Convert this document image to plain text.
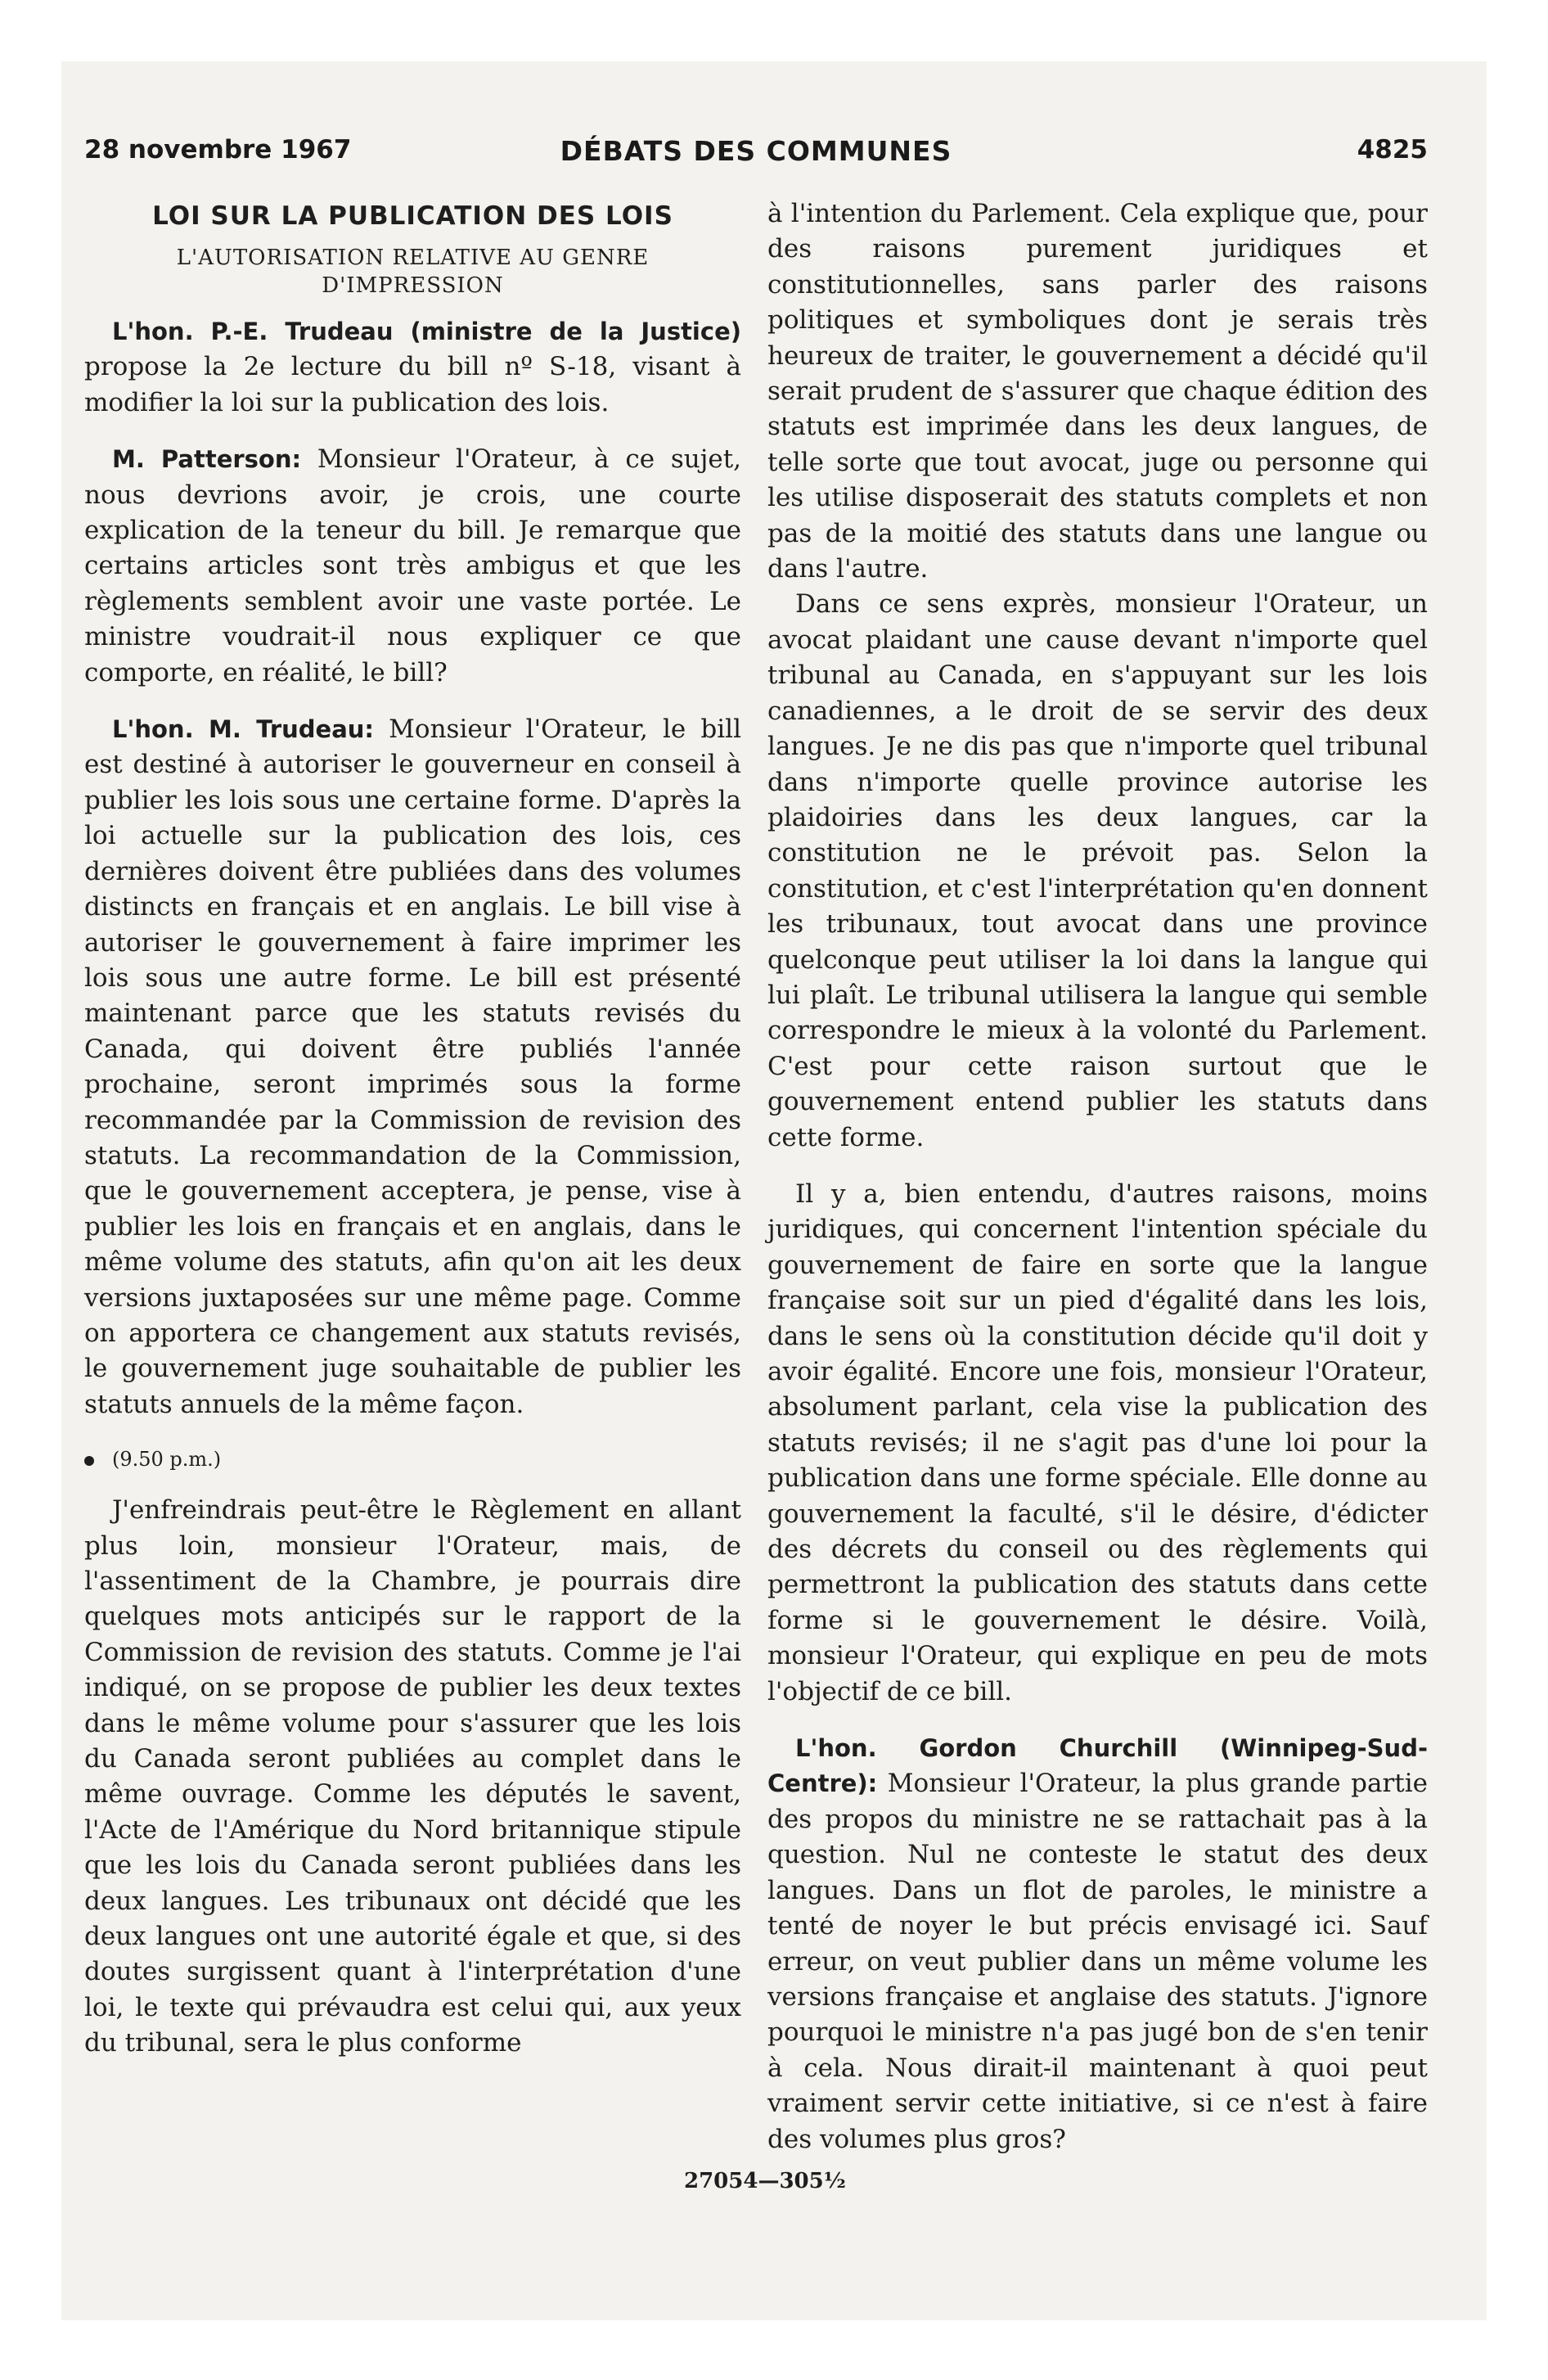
28 novembre 1967	DÉBATS DES COMMUNES	4825
LOI SUR LA PUBLICATION DES LOIS
L'AUTORISATION RELATIVE AU GENRE D'IMPRESSION

L'hon. P.-E. Trudeau (ministre de la Justice) propose la 2e lecture du bill nº S-18, visant à modifier la loi sur la publication des lois.

M. Patterson: Monsieur l'Orateur, à ce sujet, nous devrions avoir, je crois, une courte explication de la teneur du bill. Je remarque que certains articles sont très ambigus et que les règlements semblent avoir une vaste portée. Le ministre voudrait-il nous expliquer ce que comporte, en réalité, le bill?

L'hon. M. Trudeau: Monsieur l'Orateur, le bill est destiné à autoriser le gouverneur en conseil à publier les lois sous une certaine forme. D'après la loi actuelle sur la publication des lois, ces dernières doivent être publiées dans des volumes distincts en français et en anglais. Le bill vise à autoriser le gouvernement à faire imprimer les lois sous une autre forme. Le bill est présenté maintenant parce que les statuts revisés du Canada, qui doivent être publiés l'année prochaine, seront imprimés sous la forme recommandée par la Commission de revision des statuts. La recommandation de la Commission, que le gouvernement acceptera, je pense, vise à publier les lois en français et en anglais, dans le même volume des statuts, afin qu'on ait les deux versions juxtaposées sur une même page. Comme on apportera ce changement aux statuts revisés, le gouvernement juge souhaitable de publier les statuts annuels de la même façon.

(9.50 p.m.)

J'enfreindrais peut-être le Règlement en allant plus loin, monsieur l'Orateur, mais, de l'assentiment de la Chambre, je pourrais dire quelques mots anticipés sur le rapport de la Commission de revision des statuts. Comme je l'ai indiqué, on se propose de publier les deux textes dans le même volume pour s'assurer que les lois du Canada seront publiées au complet dans le même ouvrage. Comme les députés le savent, l'Acte de l'Amérique du Nord britannique stipule que les lois du Canada seront publiées dans les deux langues. Les tribunaux ont décidé que les deux langues ont une autorité égale et que, si des doutes surgissent quant à l'interprétation d'une loi, le texte qui prévaudra est celui qui, aux yeux du tribunal, sera le plus conforme

à l'intention du Parlement. Cela explique que, pour des raisons purement juridiques et constitutionnelles, sans parler des raisons politiques et symboliques dont je serais très heureux de traiter, le gouvernement a décidé qu'il serait prudent de s'assurer que chaque édition des statuts est imprimée dans les deux langues, de telle sorte que tout avocat, juge ou personne qui les utilise disposerait des statuts complets et non pas de la moitié des statuts dans une langue ou dans l'autre.

Dans ce sens exprès, monsieur l'Orateur, un avocat plaidant une cause devant n'importe quel tribunal au Canada, en s'appuyant sur les lois canadiennes, a le droit de se servir des deux langues. Je ne dis pas que n'importe quel tribunal dans n'importe quelle province autorise les plaidoiries dans les deux langues, car la constitution ne le prévoit pas. Selon la constitution, et c'est l'interprétation qu'en donnent les tribunaux, tout avocat dans une province quelconque peut utiliser la loi dans la langue qui lui plaît. Le tribunal utilisera la langue qui semble correspondre le mieux à la volonté du Parlement. C'est pour cette raison surtout que le gouvernement entend publier les statuts dans cette forme.

Il y a, bien entendu, d'autres raisons, moins juridiques, qui concernent l'intention spéciale du gouvernement de faire en sorte que la langue française soit sur un pied d'égalité dans les lois, dans le sens où la constitution décide qu'il doit y avoir égalité. Encore une fois, monsieur l'Orateur, absolument parlant, cela vise la publication des statuts revisés; il ne s'agit pas d'une loi pour la publication dans une forme spéciale. Elle donne au gouvernement la faculté, s'il le désire, d'édicter des décrets du conseil ou des règlements qui permettront la publication des statuts dans cette forme si le gouvernement le désire. Voilà, monsieur l'Orateur, qui explique en peu de mots l'objectif de ce bill.

L'hon. Gordon Churchill (Winnipeg-Sud-Centre): Monsieur l'Orateur, la plus grande partie des propos du ministre ne se rattachait pas à la question. Nul ne conteste le statut des deux langues. Dans un flot de paroles, le ministre a tenté de noyer le but précis envisagé ici. Sauf erreur, on veut publier dans un même volume les versions française et anglaise des statuts. J'ignore pourquoi le ministre n'a pas jugé bon de s'en tenir à cela. Nous dirait-il maintenant à quoi peut vraiment servir cette initiative, si ce n'est à faire des volumes plus gros?

27054—305½
